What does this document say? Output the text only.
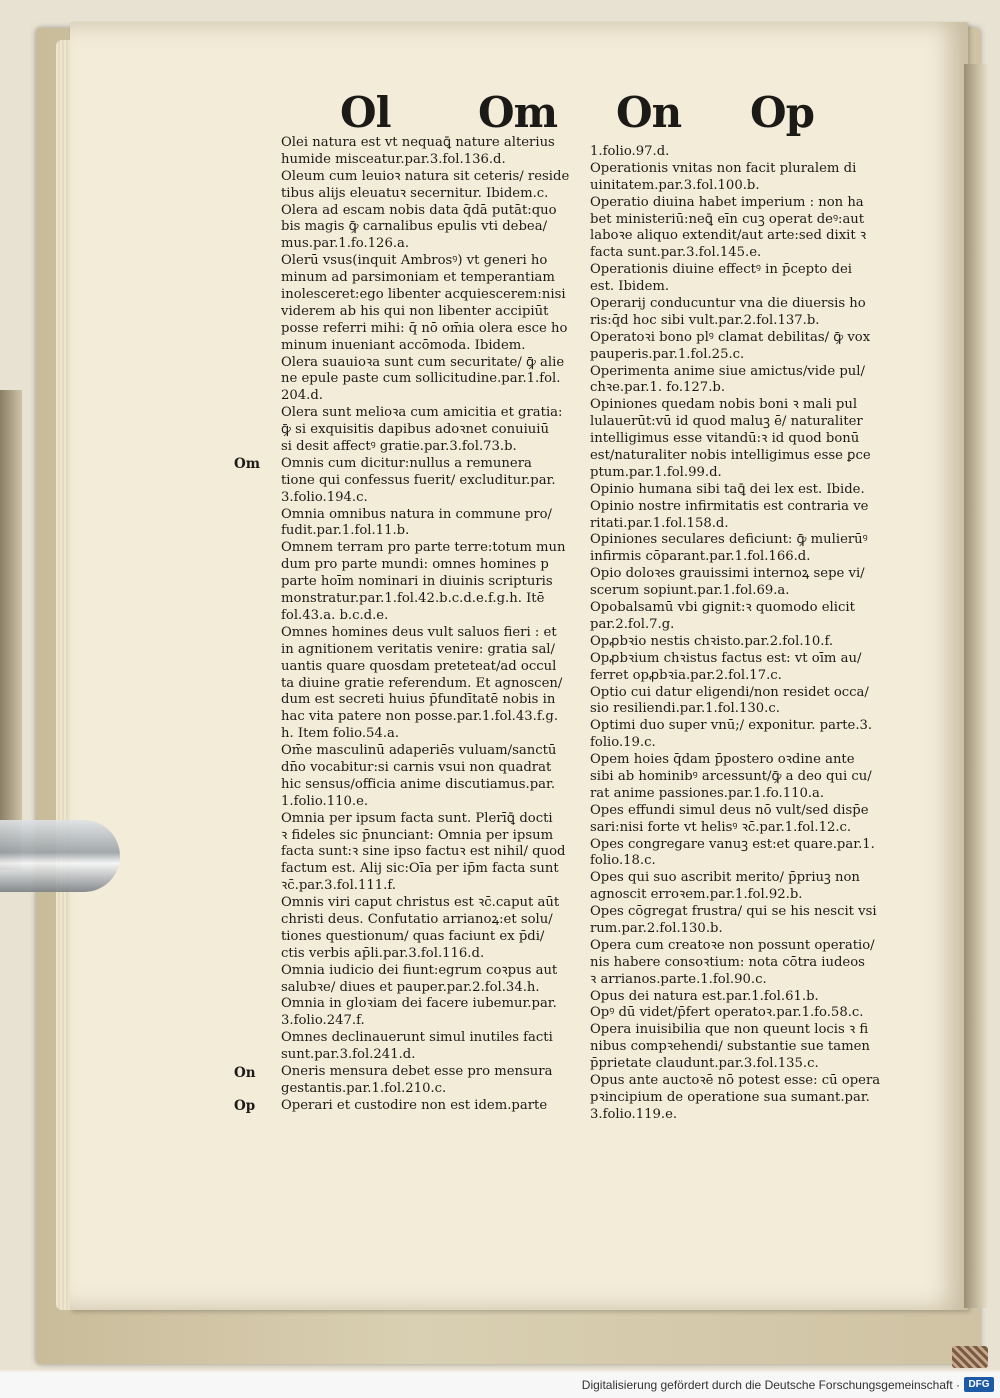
Ol Om On Op
Olei natura est vt nequaꝗ̄ nature alterius
humide misceatur.par.3.fol.136.d.
Oleum cum leuioꝛ natura sit ceteris/ resid̄e
tibus alijs eleuatuꝛ secernitur. Ibidem.c.
Olera ad escam nobis data q̄dā putāt:quo
bis magis ꝙ̄ carnalibus epulis vti debea/
mus.par.1.fo.126.a.
Olerū vsus(inquit Ambrosꝰ) vt generi ho
minum ad parsimoniam et temperantiam
inolesceret:ego libenter acquiescerem:nisi
viderem ab his qui non libenter accipiūt
posse referri mihi: q̄ nō om̄ia olera esce ho
minum inueniant accōmoda. Ibidem.
Olera suauioꝛa sunt cum securitate/ ꝙ̄ alie
ne epule paste cum sollicitudine.par.1.fol.
204.d.
Olera sunt melioꝛa cum amicitia et gratia:
ꝙ̄ si exquisitis dapibus adoꝛnet̄ conuiuiū
si desit affectꝰ gratie.par.3.fol.73.b.
Omnis cum dicitur:nullus a remunera
tione qui confessus fuerit/ excluditur.par.
3.folio.194.c.
Omnia omnibus natura in commune pro/
fudit.par.1.fol.11.b.
Omnem terram pro parte terre:totum mun
dum pro parte mundi: omnes homines p
parte hoīm nominari in diuinis scripturis
monstratur.par.1.fol.42.b.c.d.e.f.g.h. Itē
fol.43.a. b.c.d.e.
Omnes homines deus vult saluos fieri : et
in agnitionem veritatis venire: gratia sal/
uantis quare quosdam preteteat/ad occul
ta diuine gratie referendum. Et agnoscen/
dum est secreti huius p̄fundītatē nobis in
hac vita patere non posse.par.1.fol.43.f.g.
h. Item folio.54.a.
Om̄e masculinū adaperiēs vuluam/sanctū
dn̄o vocabitur:si carnis vsui non quadrat
hic sensus/officia anime discutiamus.par.
1.folio.110.e.
Omnia per ipsum facta sunt. Plerīꝗ̄ docti
ꝛ fideles sic p̄nunciant: Omnia per ipsum
facta sunt:ꝛ sine ipso factuꝛ est nihil/ quod
factum est. Alij sic:Oīa per ip̄m facta sunt
ꝛc̄.par.3.fol.111.f.
Omnis viri caput christus est ꝛc̄.caput aūt
christi deus. Confutatio arrianoꝝ:et solu/
tiones questionum/ quas faciunt ex p̄di/
ctis verbis ap̄li.par.3.fol.116.d.
Omnia iudicio dei fiunt:egrum coꝛpus aut
salubꝛe/ diues et pauper.par.2.fol.34.h.
Omnia in gloꝛiam dei facere iubemur.par.
3.folio.247.f.
Omnes declinauerunt simul inutiles facti
sunt.par.3.fol.241.d.
Oneris mensura debet esse pro mensura
gestantis.par.1.fol.210.c.
Operari et custodire non est idem.parte
1.folio.97.d.
Operationis vnitas non facit pluralem di
uinitatem.par.3.fol.100.b.
Operatio diuina habet imperium : non ha
bet ministeriū:neꝗ̄ eīn cuꝫ operat̄ deꝰ:aut
laboꝛe aliquo extendit/aut arte:sed dixit ꝛ
facta sunt.par.3.fol.145.e.
Operationis diuine effectꝰ in p̄cepto dei
est. Ibidem.
Operarij conducuntur vna die diuersis ho
ris:q̄d hoc sibi vult.par.2.fol.137.b.
Operatoꝛi bono plꝰ clamat debilitas/ ꝙ̄ vox
pauperis.par.1.fol.25.c.
Operimenta anime siue amictus/vide pul/
chꝛe.par.1. fo.127.b.
Opiniones quedam nobis boni ꝛ mali pul
lulauerūt:vū id quod maluꝫ ē/ naturaliter
intelligimus esse vitandū:ꝛ id quod bonū
est/naturaliter nobis intelligimus esse ꝑce
ptum.par.1.fol.99.d.
Opinio humana sibi taꝗ̄ dei lex est. Ibid̄e.
Opinio nostre infirmitatis est contraria ve
ritati.par.1.fol.158.d.
Opiniones seculares deficiunt: ꝙ̄ mulierūꝰ
infirmis cōparant̄.par.1.fol.166.d.
Opio doloꝛes grauissimi internoꝝ sepe vi/
scerum sopiunt̄.par.1.fol.69.a.
Opobalsamū vbi gignit̄:ꝛ quomodo elicit̄
par.2.fol.7.g.
Opꝓbꝛio nestis chꝛisto.par.2.fol.10.f.
Opꝓbꝛium chꝛistus factus est: vt oīm au/
ferret opꝓbꝛia.par.2.fol.17.c.
Optio cui datur eligendi/non residet occa/
sio resiliendi.par.1.fol.130.c.
Optimi duo super vnū;/ exponitur. parte.3.
folio.19.c.
Opem hoies q̄dam p̄postero oꝛdine ante
sibi ab hominibꝰ arcessunt/ꝙ̄ a deo qui cu/
rat anime passiones.par.1.fo.110.a.
Opes effundi simul deus nō vult/sed disp̄e
sari:nisi forte vt helisꝰ ꝛc̄.par.1.fol.12.c.
Opes congregare vanuꝫ est:et quare.par.1.
folio.18.c.
Opes qui suo ascribit merito/ p̄priuꝫ non
agnoscit erroꝛem.par.1.fol.92.b.
Opes cōgregat frustra/ qui se his nescit vsi
rum.par.2.fol.130.b.
Opera cum creatoꝛe non possunt operatio/
nis habere consoꝛtium: nota cōtra iudeos
ꝛ arrianos.parte.1.fol.90.c.
Opus dei natura est.par.1.fol.61.b.
Opꝰ dū videt̄/p̄fert̄ operatoꝛ.par.1.fo.58.c.
Opera inuisibilia que non queunt locis ꝛ fi
nibus compꝛehendi/ substantie sue tamen
p̄prietate claudunt̄.par.3.fol.135.c.
Opus ante auctoꝛē nō potest esse: cū opera
pꝛincipium de operatione sua sumant.par.
3.folio.119.e.
Om
On
Op
Digitalisierung gefördert durch die Deutsche Forschungsgemeinschaft · DFG
